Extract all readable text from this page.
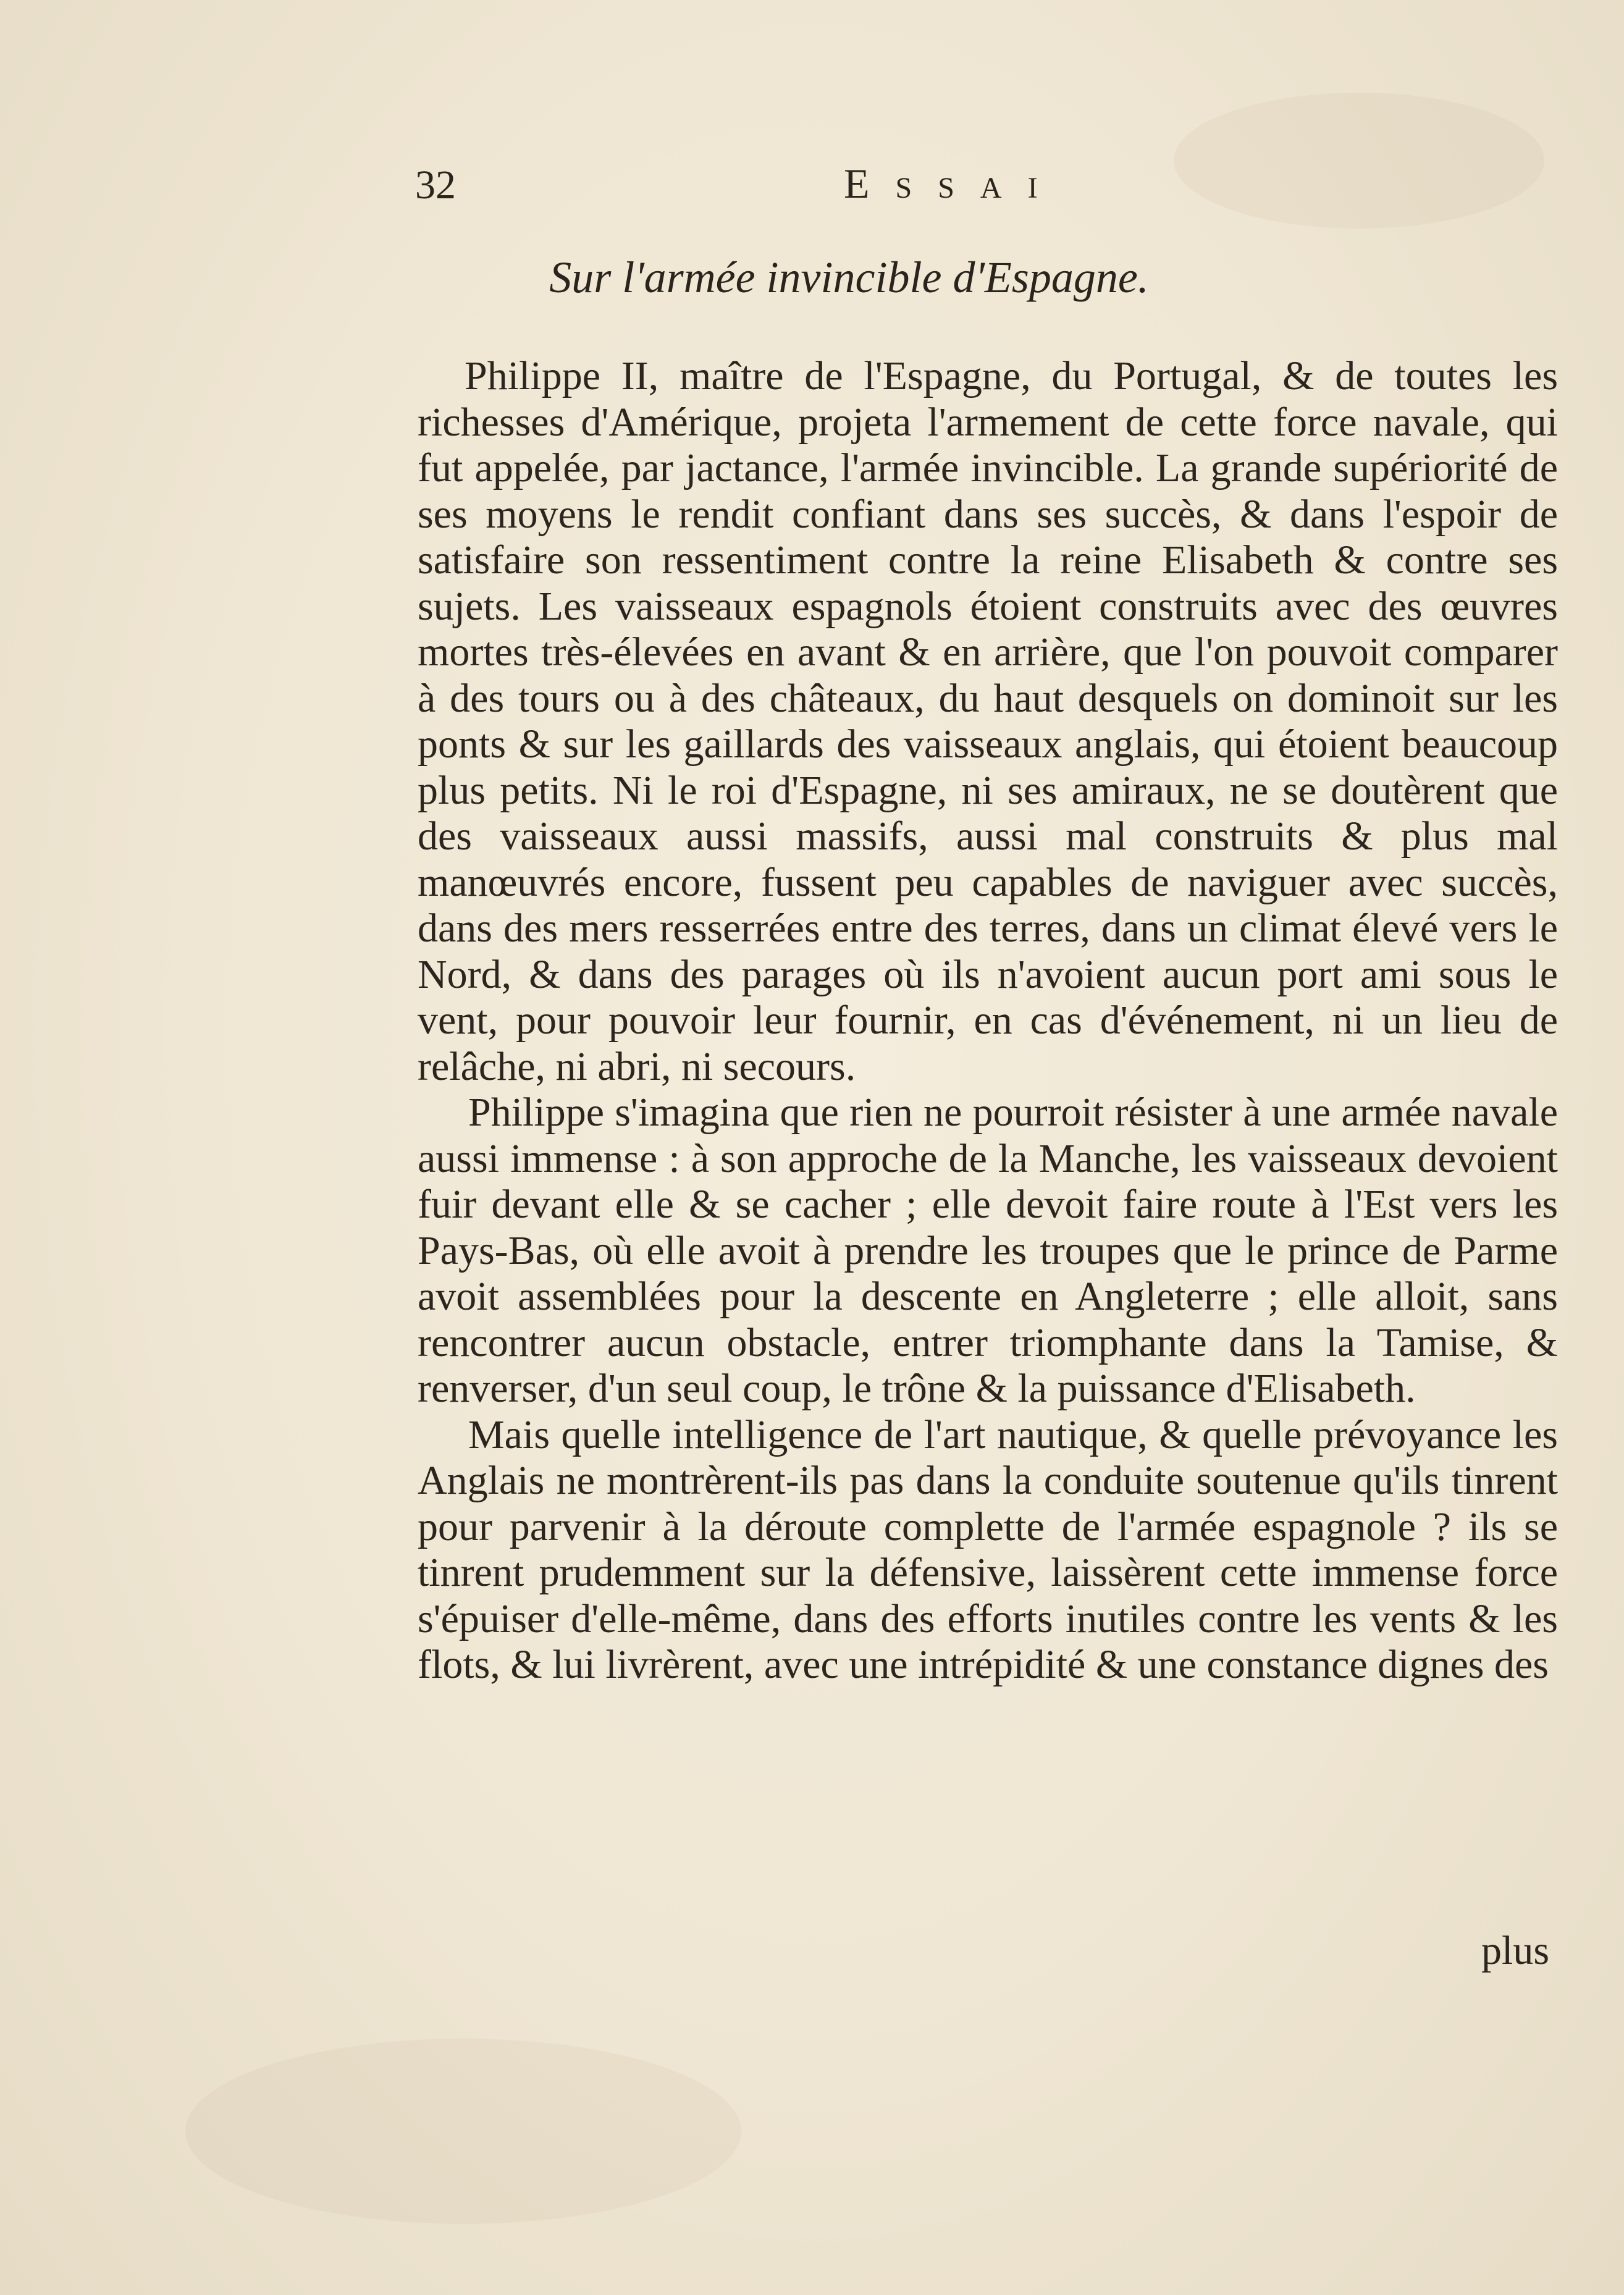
32	Essai
Sur l'armée invincible d'Espagne.

Philippe II, maître de l'Espagne, du Portugal, & de toutes les richesses d'Amérique, projeta l'armement de cette force navale, qui fut appelée, par jactance, l'armée invincible. La grande supériorité de ses moyens le rendit confiant dans ses succès, & dans l'espoir de satisfaire son ressentiment contre la reine Elisabeth & contre ses sujets. Les vaisseaux espagnols étoient construits avec des œuvres mortes très-élevées en avant & en arrière, que l'on pouvoit comparer à des tours ou à des châteaux, du haut desquels on dominoit sur les ponts & sur les gaillards des vaisseaux anglais, qui étoient beaucoup plus petits. Ni le roi d'Espagne, ni ses amiraux, ne se doutèrent que des vaisseaux aussi massifs, aussi mal construits & plus mal manœuvrés encore, fussent peu capables de naviguer avec succès, dans des mers resserrées entre des terres, dans un climat élevé vers le Nord, & dans des parages où ils n'avoient aucun port ami sous le vent, pour pouvoir leur fournir, en cas d'événement, ni un lieu de relâche, ni abri, ni secours.

Philippe s'imagina que rien ne pourroit résister à une armée navale aussi immense : à son approche de la Manche, les vaisseaux devoient fuir devant elle & se cacher ; elle devoit faire route à l'Est vers les Pays-Bas, où elle avoit à prendre les troupes que le prince de Parme avoit assemblées pour la descente en Angleterre ; elle alloit, sans rencontrer aucun obstacle, entrer triomphante dans la Tamise, & renverser, d'un seul coup, le trône & la puissance d'Elisabeth.

Mais quelle intelligence de l'art nautique, & quelle prévoyance les Anglais ne montrèrent-ils pas dans la conduite soutenue qu'ils tinrent pour parvenir à la déroute complette de l'armée espagnole ? ils se tinrent prudemment sur la défensive, laissèrent cette immense force s'épuiser d'elle-même, dans des efforts inutiles contre les vents & les flots, & lui livrèrent, avec une intrépidité & une constance dignes des

plus
